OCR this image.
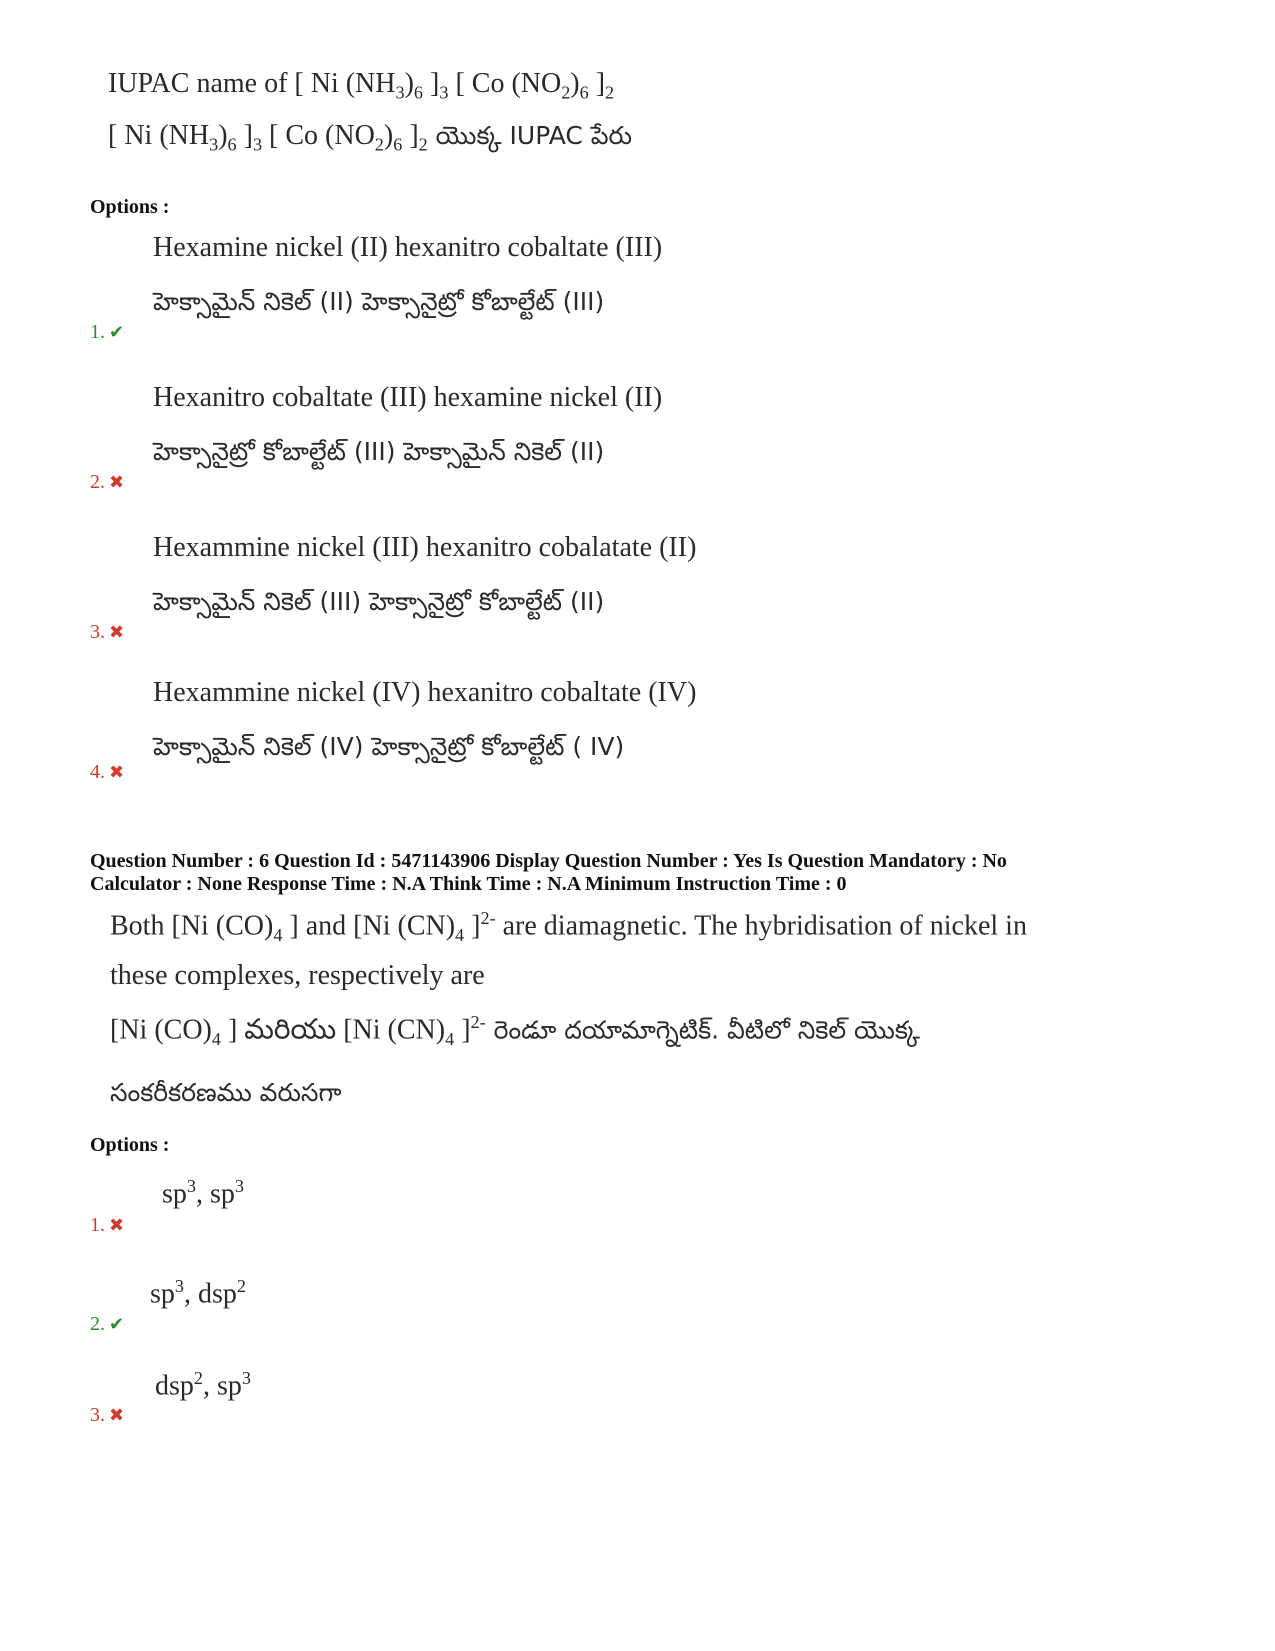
IUPAC name of [ Ni $(NH_3)_6$ ]$_3$ [ Co $(NO_2)_6$ ]$_2$
[ Ni $(NH_3)_6$ ]$_3$ [ Co $(NO_2)_6$ ]$_2$ యొక్క IUPAC పేరు
Options :
Hexamine nickel (II) hexanitro cobaltate (III)
హెక్సామైన్ నికెల్ (II) హెక్సానైట్రో కోబాల్టేట్ (III)
1. ✔
Hexanitro cobaltate (III) hexamine nickel (II)
హెక్సానైట్రో కోబాల్టేట్ (III) హెక్సామైన్ నికెల్ (II)
2. ✖
Hexammine nickel (III) hexanitro cobalatate (II)
హెక్సామైన్ నికెల్ (III) హెక్సానైట్రో కోబాల్టేట్ (II)
3. ✖
Hexammine nickel (IV) hexanitro cobaltate (IV)
హెక్సామైన్ నికెల్ (IV) హెక్సానైట్రో కోబాల్టేట్ ( IV)
4. ✖
Question Number : 6 Question Id : 5471143906 Display Question Number : Yes Is Question Mandatory : No
Calculator : None Response Time : N.A Think Time : N.A Minimum Instruction Time : 0
Both [Ni $(CO)_4$ ] and [Ni $(CN)_4$ ]$^{2-}$ are diamagnetic. The hybridisation of nickel in
these complexes, respectively are
[Ni $(CO)_4$ ] మరియు [Ni $(CN)_4$ ]$^{2-}$ రెండూ దయామాగ్నెటిక్. వీటిలో నికెల్ యొక్క
సంకరీకరణము వరుసగా
Options :
$sp^3$, $sp^3$
1. ✖
$sp^3$, dsp$^2$
2. ✔
dsp$^2$, $sp^3$
3. ✖
